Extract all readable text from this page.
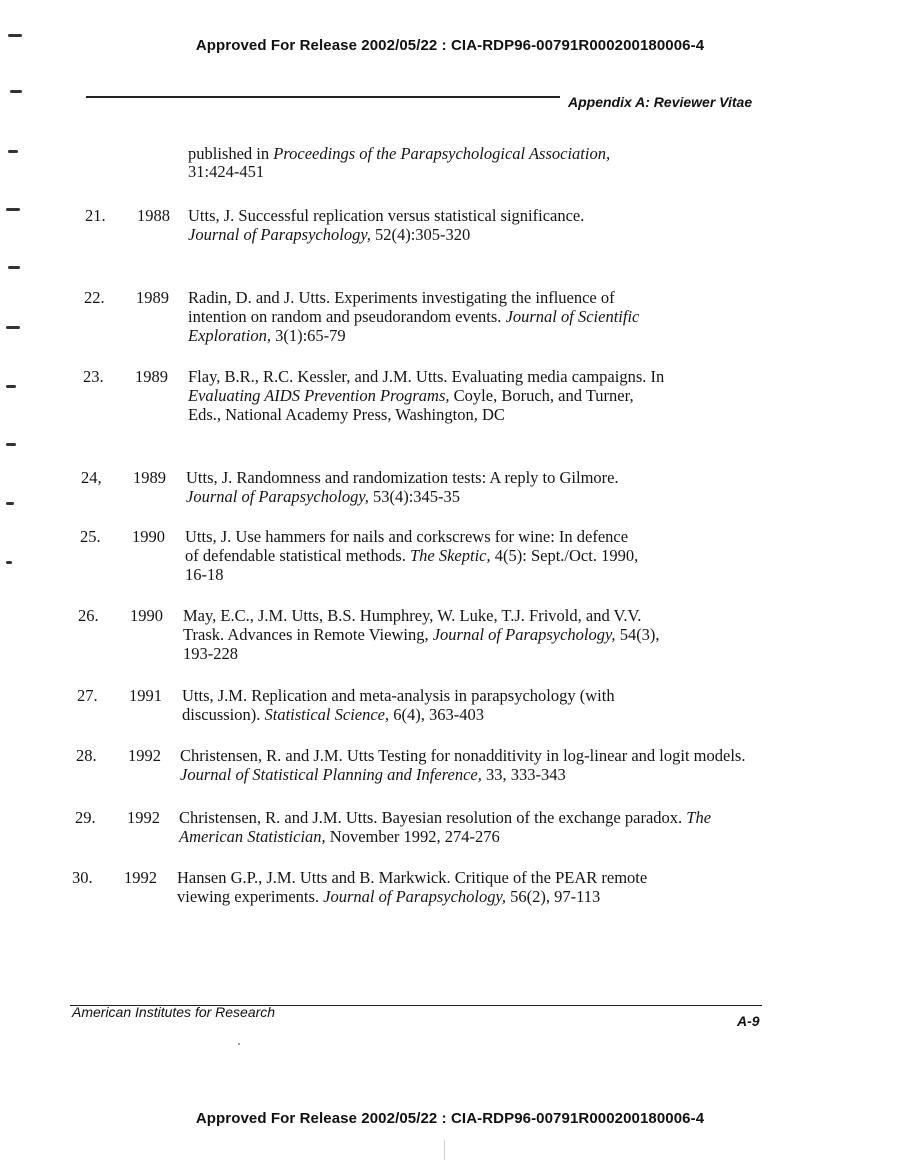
Approved For Release 2002/05/22 : CIA-RDP96-00791R000200180006-4
Appendix A: Reviewer Vitae
published in Proceedings of the Parapsychological Association,
31:424-451
21. 1988 Utts, J. Successful replication versus statistical significance.
Journal of Parapsychology, 52(4):305-320
22. 1989 Radin, D. and J. Utts. Experiments investigating the influence of intention on random and pseudorandom events. Journal of Scientific Exploration, 3(1):65-79
23. 1989 Flay, B.R., R.C. Kessler, and J.M. Utts. Evaluating media campaigns. In Evaluating AIDS Prevention Programs, Coyle, Boruch, and Turner, Eds., National Academy Press, Washington, DC
24, 1989 Utts, J. Randomness and randomization tests: A reply to Gilmore.
Journal of Parapsychology, 53(4):345-35
25. 1990 Utts, J. Use hammers for nails and corkscrews for wine: In defence of defendable statistical methods. The Skeptic, 4(5): Sept./Oct. 1990, 16-18
26. 1990 May, E.C., J.M. Utts, B.S. Humphrey, W. Luke, T.J. Frivold, and V.V. Trask. Advances in Remote Viewing, Journal of Parapsychology, 54(3), 193-228
27. 1991 Utts, J.M. Replication and meta-analysis in parapsychology (with discussion). Statistical Science, 6(4), 363-403
28. 1992 Christensen, R. and J.M. Utts Testing for nonadditivity in log-linear and logit models. Journal of Statistical Planning and Inference, 33, 333-343
29. 1992 Christensen, R. and J.M. Utts. Bayesian resolution of the exchange paradox. The American Statistician, November 1992, 274-276
30. 1992 Hansen G.P., J.M. Utts and B. Markwick. Critique of the PEAR remote viewing experiments. Journal of Parapsychology, 56(2), 97-113
American Institutes for Research
A-9
Approved For Release 2002/05/22 : CIA-RDP96-00791R000200180006-4
